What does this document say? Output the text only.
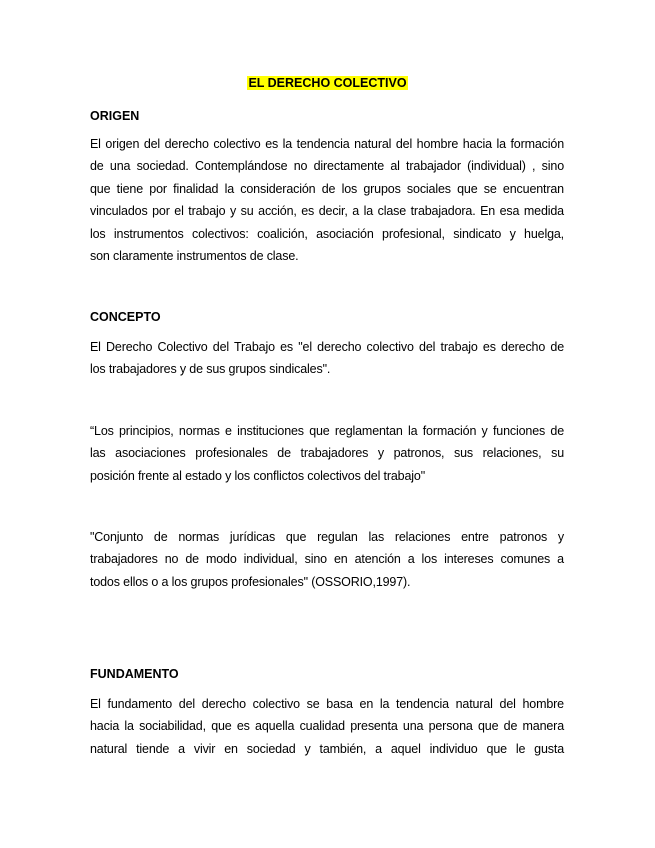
EL DERECHO COLECTIVO
ORIGEN
El origen del derecho colectivo es la tendencia natural del hombre hacia la formación
de una sociedad. Contemplándose no directamente al trabajador (individual) , sino
que tiene por finalidad la consideración de los grupos sociales que se encuentran
vinculados por el trabajo y su acción, es decir, a la clase trabajadora. En esa medida
los instrumentos colectivos: coalición, asociación profesional, sindicato y huelga,
son claramente instrumentos de clase.
CONCEPTO
El Derecho Colectivo del Trabajo es "el derecho colectivo del trabajo es derecho de
los trabajadores y de sus grupos sindicales".
“Los principios, normas e instituciones que reglamentan la formación y funciones de
las asociaciones profesionales de trabajadores y patronos, sus relaciones, su
posición frente al estado y los conflictos colectivos del trabajo"
"Conjunto de normas jurídicas que regulan las relaciones entre patronos y
trabajadores no de modo individual, sino en atención a los intereses comunes a
todos ellos o a los grupos profesionales" (OSSORIO,1997).
FUNDAMENTO
El fundamento del derecho colectivo se basa en la tendencia natural del hombre
hacia la sociabilidad, que es aquella cualidad presenta una persona que de manera
natural tiende a vivir en sociedad y también, a aquel individuo que le gusta
